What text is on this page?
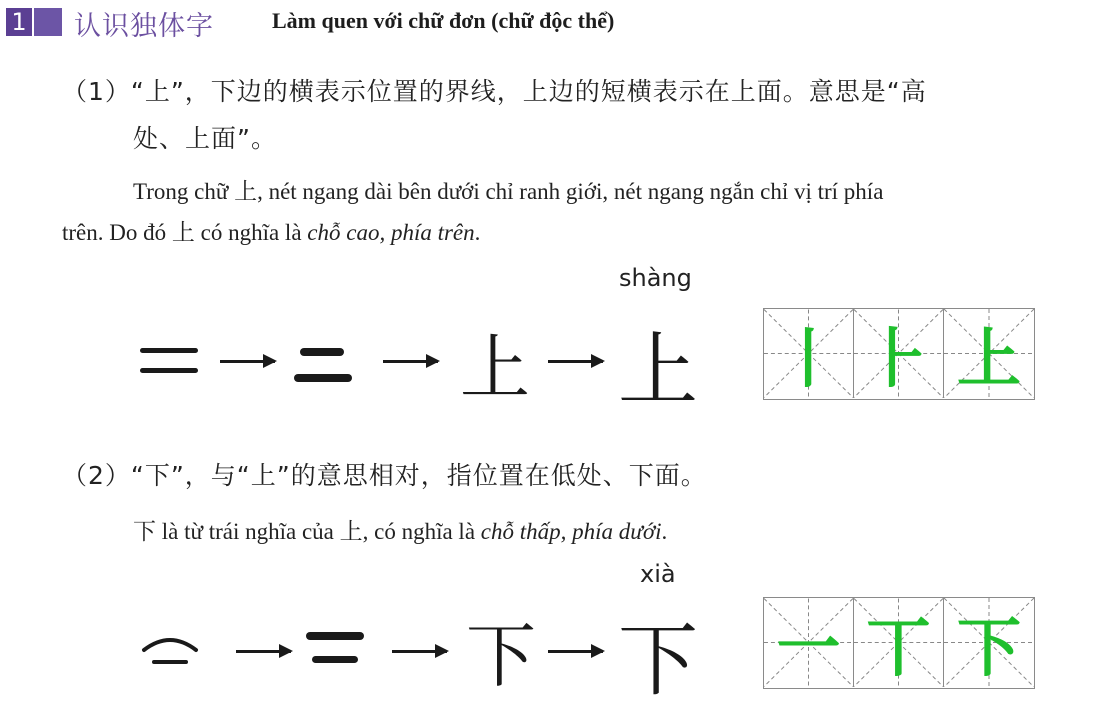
1 认识独体字	Làm quen với chữ đơn (chữ độc thể)
（1）“上”，下边的横表示位置的界线，上边的短横表示在上面。意思是“高
处、上面”。
Trong chữ 上, nét ngang dài bên dưới chỉ ranh giới, nét ngang ngắn chỉ vị trí phía
trên. Do đó 上 có nghĩa là chỗ cao, phía trên.
shàng
上 上 丨 ⺊ 上
（2）“下”，与“上”的意思相对，指位置在低处、下面。
下 là từ trái nghĩa của 上, có nghĩa là chỗ thấp, phía dưới.
xià
下 下 一 丅 下
